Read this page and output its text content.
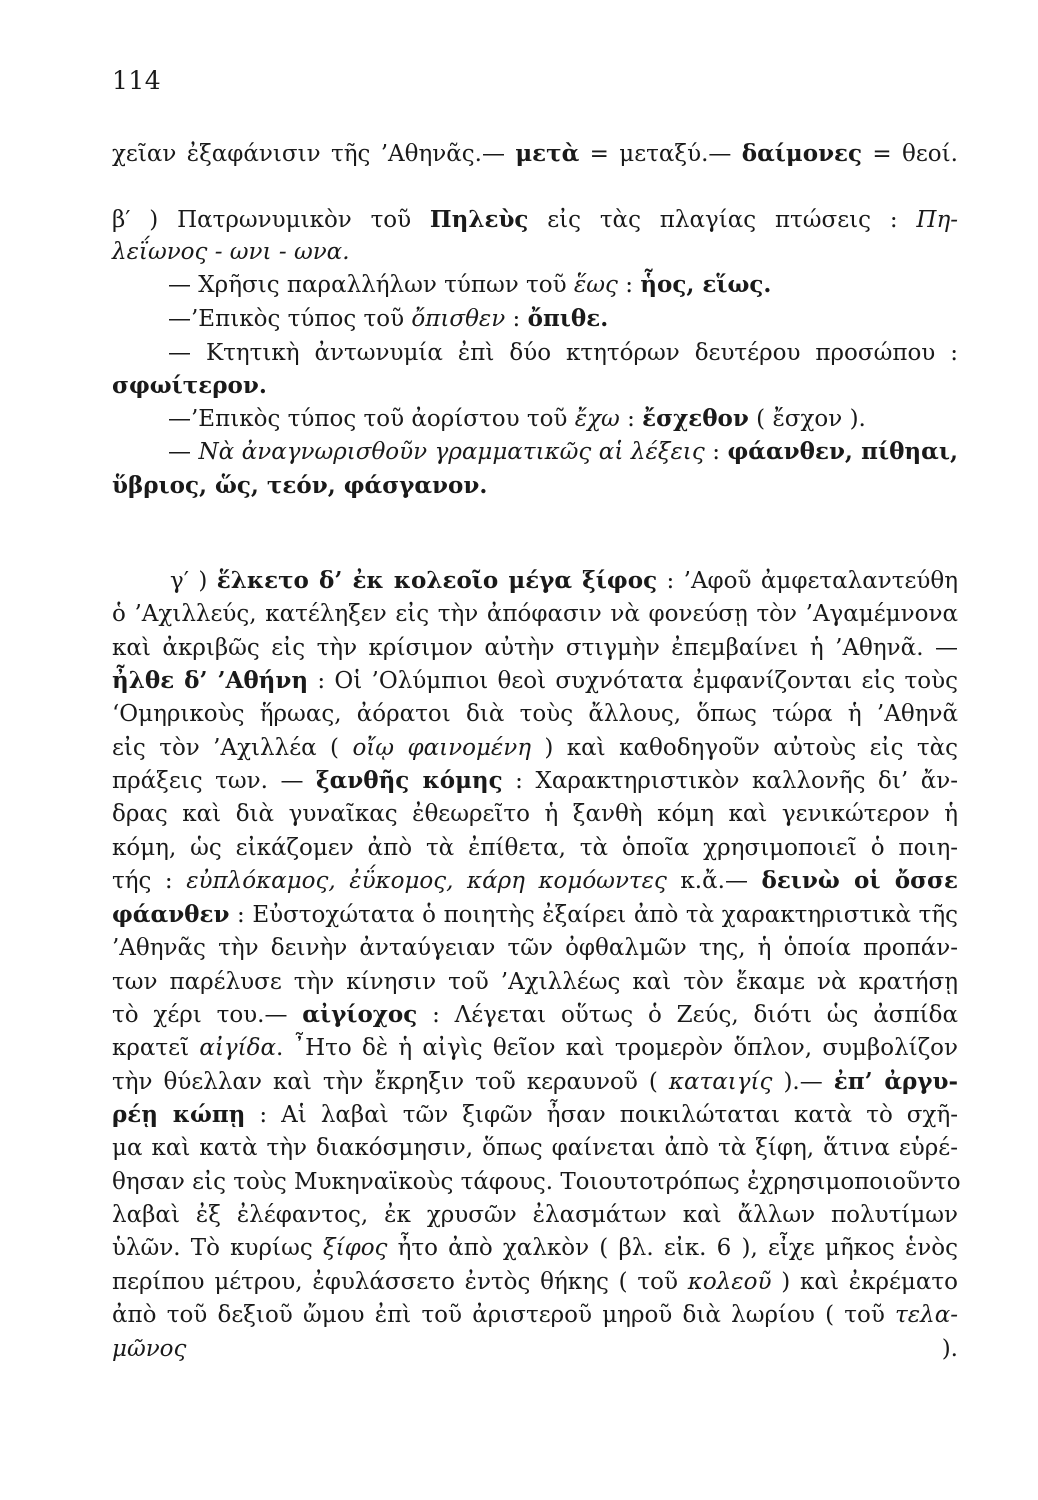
114
χεῖαν ἐξαφάνισιν τῆς ’Αθηνᾶς.— μετὰ = μεταξύ.— δαίμονες = θεοί.
β′ ) Πατρωνυμικὸν τοῦ Πηλεὺς εἰς τὰς πλαγίας πτώσεις : Πη-
λεΐωνος - ωνι - ωνα.
— Χρῆσις παραλλήλων τύπων τοῦ ἕως : ἧος, εἵως.
—’Επικὸς τύπος τοῦ ὄπισθεν : ὄπιθε.
— Κτητικὴ ἀντωνυμία ἐπὶ δύο κτητόρων δευτέρου προσώπου :
σφωίτερον.
—’Επικὸς τύπος τοῦ ἀορίστου τοῦ ἔχω : ἔσχεθον ( ἔσχον ).
— Νὰ ἀναγνωρισθοῦν γραμματικῶς αἱ λέξεις : φάανθεν, πίθηαι,
ὕβριος, ὥς, τεόν, φάσγανον.
γ′ ) ἕλκετο δ’ ἐκ κολεοῖο μέγα ξίφος : ’Αφοῦ ἀμφεταλαντεύθη
ὁ ’Αχιλλεύς, κατέληξεν εἰς τὴν ἀπόφασιν νὰ φονεύσῃ τὸν ’Αγαμέμνονα
καὶ ἀκριβῶς εἰς τὴν κρίσιμον αὐτὴν στιγμὴν ἐπεμβαίνει ἡ ’Αθηνᾶ. —
ἦλθε δ’ ’Αθήνη : Οἱ ’Ολύμπιοι θεοὶ συχνότατα ἐμφανίζονται εἰς τοὺς
‘Ομηρικοὺς ἥρωας, ἀόρατοι διὰ τοὺς ἄλλους, ὅπως τώρα ἡ ’Αθηνᾶ
εἰς τὸν ’Αχιλλέα ( οἴῳ φαινομένη ) καὶ καθοδηγοῦν αὐτοὺς εἰς τὰς
πράξεις των. — ξανθῆς κόμης : Χαρακτηριστικὸν καλλονῆς δι’ ἄν-
δρας καὶ διὰ γυναῖκας ἐθεωρεῖτο ἡ ξανθὴ κόμη καὶ γενικώτερον ἡ
κόμη, ὡς εἰκάζομεν ἀπὸ τὰ ἐπίθετα, τὰ ὁποῖα χρησιμοποιεῖ ὁ ποιη-
τής : εὐπλόκαμος, ἐΰκομος, κάρη κομόωντες κ.ἄ.— δεινὼ οἱ ὄσσε
φάανθεν : Εὐστοχώτατα ὁ ποιητὴς ἐξαίρει ἀπὸ τὰ χαρακτηριστικὰ τῆς
’Αθηνᾶς τὴν δεινὴν ἀνταύγειαν τῶν ὀφθαλμῶν της, ἡ ὁποία προπάν-
των παρέλυσε τὴν κίνησιν τοῦ ’Αχιλλέως καὶ τὸν ἔκαμε νὰ κρατήσῃ
τὸ χέρι του.— αἰγίοχος : Λέγεται οὕτως ὁ Ζεύς, διότι ὡς ἀσπίδα
κρατεῖ αἰγίδα. ῏Ητο δὲ ἡ αἰγὶς θεῖον καὶ τρομερὸν ὅπλον, συμβολίζον
τὴν θύελλαν καὶ τὴν ἔκρηξιν τοῦ κεραυνοῦ ( καταιγίς ).— ἐπ’ ἀργυ-
ρέῃ κώπῃ : Αἱ λαβαὶ τῶν ξιφῶν ἦσαν ποικιλώταται κατὰ τὸ σχῆ-
μα καὶ κατὰ τὴν διακόσμησιν, ὅπως φαίνεται ἀπὸ τὰ ξίφη, ἅτινα εὑρέ-
θησαν εἰς τοὺς Μυκηναϊκοὺς τάφους. Τοιουτοτρόπως ἐχρησιμοποιοῦντο
λαβαὶ ἐξ ἐλέφαντος, ἐκ χρυσῶν ἐλασμάτων καὶ ἄλλων πολυτίμων
ὑλῶν. Τὸ κυρίως ξίφος ἦτο ἀπὸ χαλκὸν ( βλ. εἰκ. 6 ), εἶχε μῆκος ἑνὸς
περίπου μέτρου, ἐφυλάσσετο ἐντὸς θήκης ( τοῦ κολεοῦ ) καὶ ἐκρέματο
ἀπὸ τοῦ δεξιοῦ ὤμου ἐπὶ τοῦ ἀριστεροῦ μηροῦ διὰ λωρίου ( τοῦ τελα-
μῶνος ).
